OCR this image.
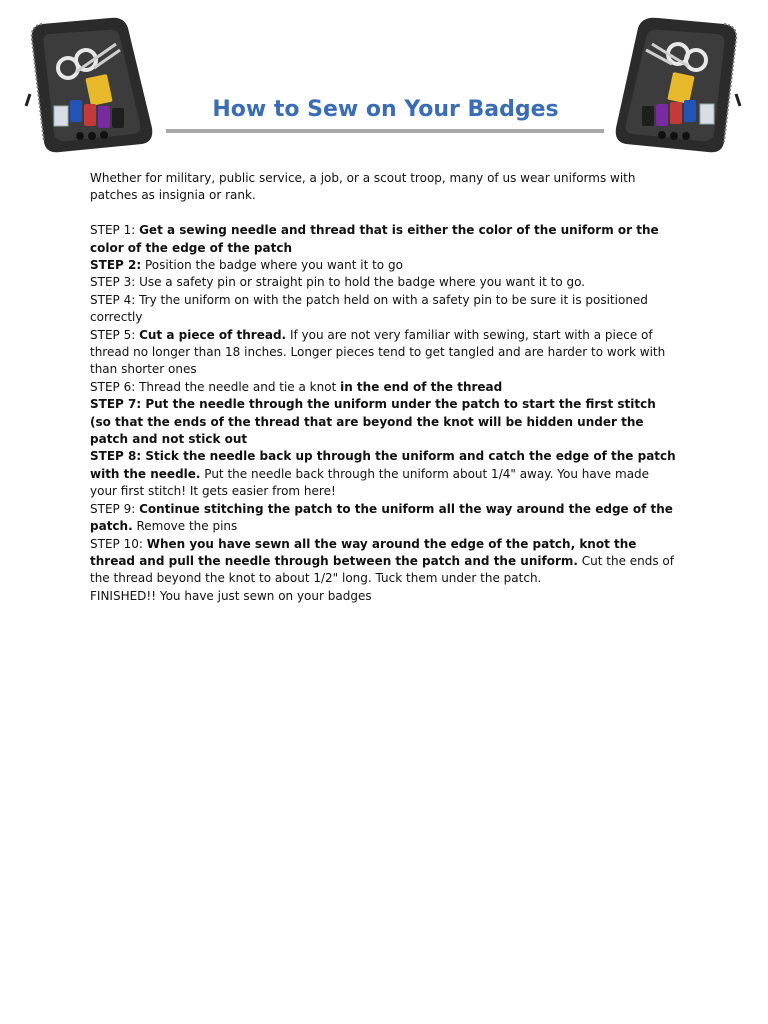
How to Sew on Your Badges

Whether for military, public service, a job, or a scout troop, many of us wear uniforms with patches as insignia or rank.

STEP 1: Get a sewing needle and thread that is either the color of the uniform or the color of the edge of the patch

STEP 2: Position the badge where you want it to go

STEP 3: Use a safety pin or straight pin to hold the badge where you want it to go.

STEP 4: Try the uniform on with the patch held on with a safety pin to be sure it is positioned correctly

STEP 5: Cut a piece of thread. If you are not very familiar with sewing, start with a piece of thread no longer than 18 inches. Longer pieces tend to get tangled and are harder to work with than shorter ones

STEP 6: Thread the needle and tie a knot in the end of the thread

STEP 7: Put the needle through the uniform under the patch to start the first stitch (so that the ends of the thread that are beyond the knot will be hidden under the patch and not stick out

STEP 8: Stick the needle back up through the uniform and catch the edge of the patch with the needle. Put the needle back through the uniform about 1/4" away. You have made your first stitch! It gets easier from here!

STEP 9: Continue stitching the patch to the uniform all the way around the edge of the patch. Remove the pins

STEP 10: When you have sewn all the way around the edge of the patch, knot the thread and pull the needle through between the patch and the uniform. Cut the ends of the thread beyond the knot to about 1/2" long. Tuck them under the patch.

FINISHED!! You have just sewn on your badges
